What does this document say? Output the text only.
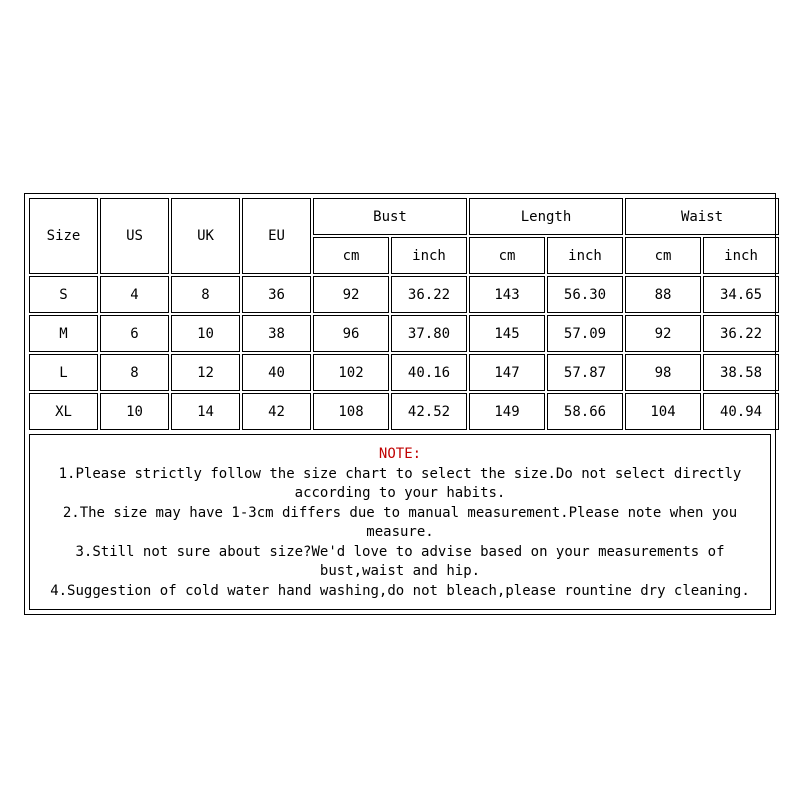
Size	US	UK	EU	Bust		Length		Waist	
				cm	inch	cm	inch	cm	inch
S	4	8	36	92	36.22	143	56.30	88	34.65
M	6	10	38	96	37.80	145	57.09	92	36.22
L	8	12	40	102	40.16	147	57.87	98	38.58
XL	10	14	42	108	42.52	149	58.66	104	40.94
NOTE:
1.Please strictly follow the size chart to select the size.Do not select directly according to your habits.
2.The size may have 1-3cm differs due to manual measurement.Please note when you measure.
3.Still not sure about size?We'd love to advise based on your measurements of bust,waist and hip.
4.Suggestion of cold water hand washing,do not bleach,please rountine dry cleaning.
